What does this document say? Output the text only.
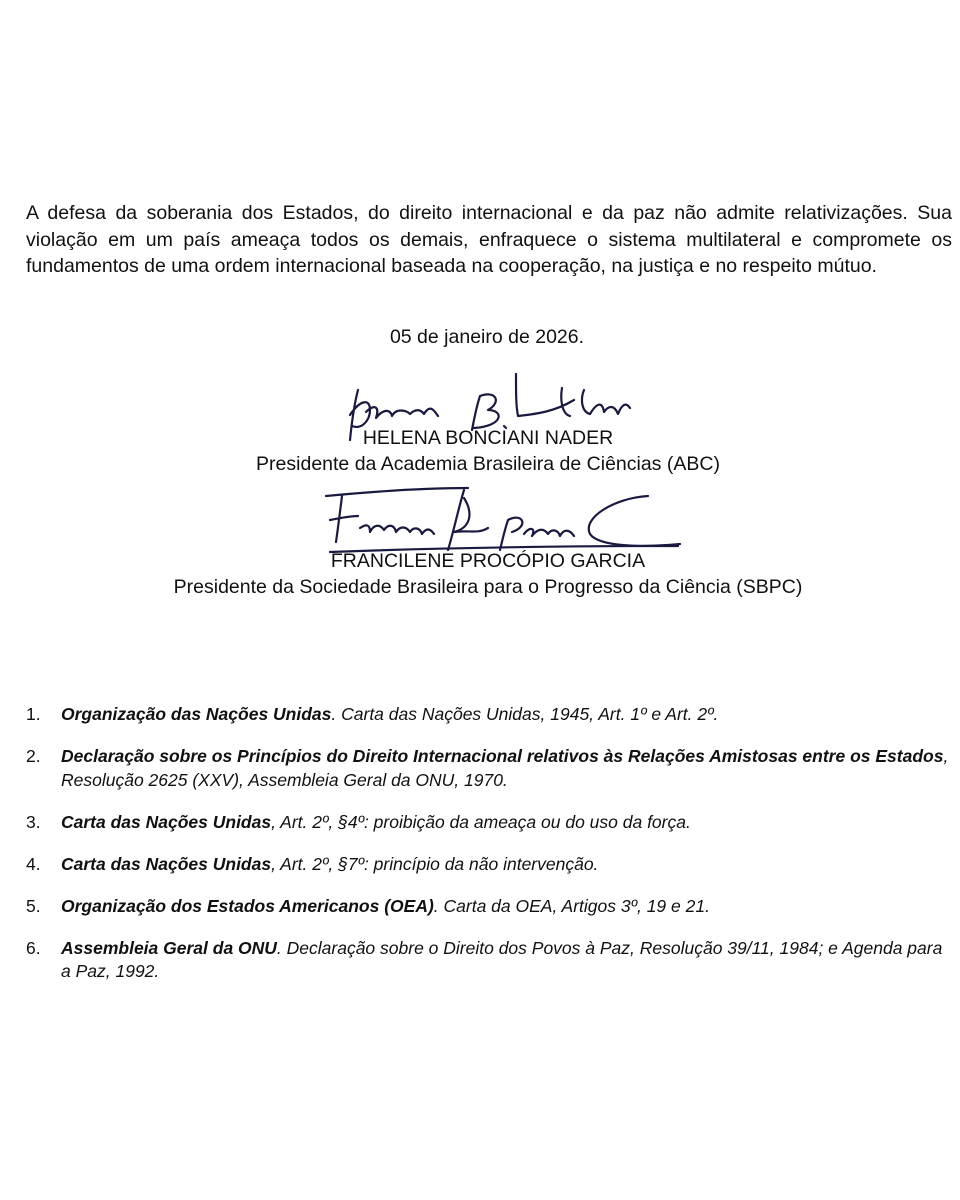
A defesa da soberania dos Estados, do direito internacional e da paz não admite relativizações. Sua violação em um país ameaça todos os demais, enfraquece o sistema multilateral e compromete os fundamentos de uma ordem internacional baseada na cooperação, na justiça e no respeito mútuo.

05 de janeiro de 2026.

HELENA BONCIANI NADER

Presidente da Academia Brasileira de Ciências (ABC)

FRANCILENE PROCÓPIO GARCIA

Presidente da Sociedade Brasileira para o Progresso da Ciência (SBPC)

1. Organização das Nações Unidas. Carta das Nações Unidas, 1945, Art. 1º e Art. 2º.
2. Declaração sobre os Princípios do Direito Internacional relativos às Relações Amistosas entre os Estados, Resolução 2625 (XXV), Assembleia Geral da ONU, 1970.
3. Carta das Nações Unidas, Art. 2º, §4º: proibição da ameaça ou do uso da força.
4. Carta das Nações Unidas, Art. 2º, §7º: princípio da não intervenção.
5. Organização dos Estados Americanos (OEA). Carta da OEA, Artigos 3º, 19 e 21.
6. Assembleia Geral da ONU. Declaração sobre o Direito dos Povos à Paz, Resolução 39/11, 1984; e Agenda para a Paz, 1992.
